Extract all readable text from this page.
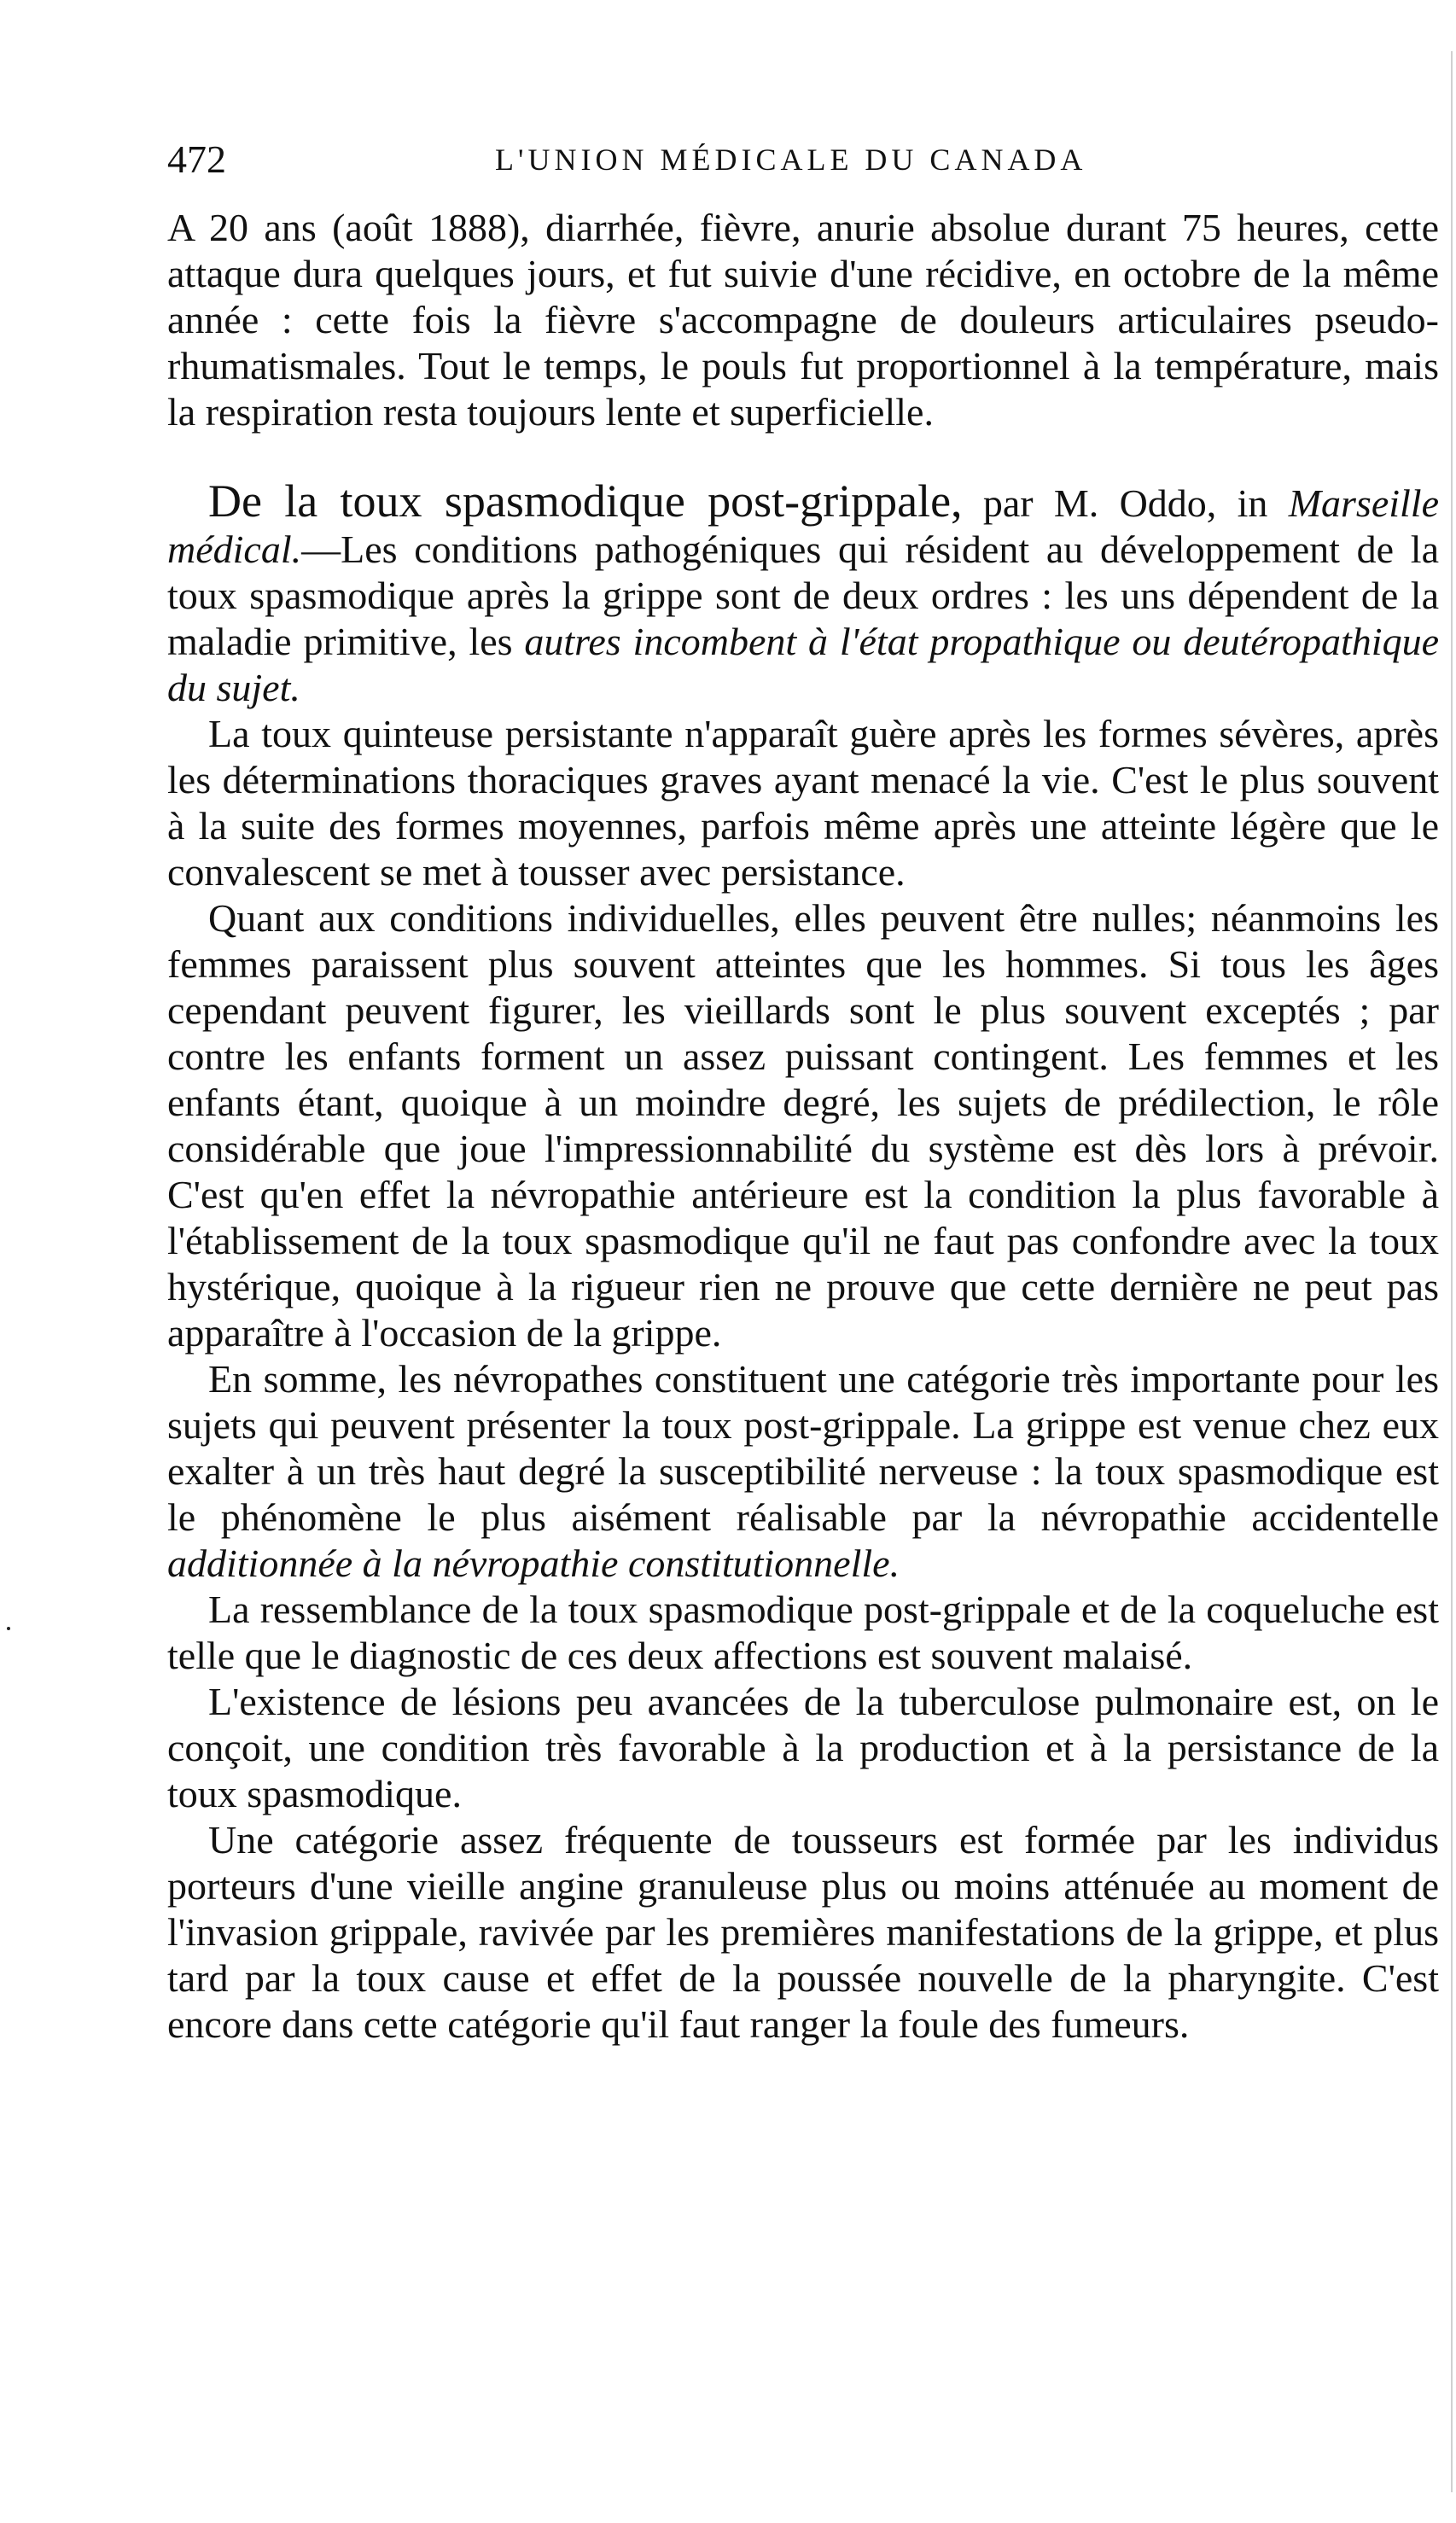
472	L'UNION MÉDICALE DU CANADA

A 20 ans (août 1888), diarrhée, fièvre, anurie absolue durant 75 heures, cette attaque dura quelques jours, et fut suivie d'une récidive, en octobre de la même année : cette fois la fièvre s'accompagne de douleurs articulaires pseudo-rhumatismales. Tout le temps, le pouls fut proportionnel à la température, mais la respiration resta toujours lente et superficielle.

De la toux spasmodique post-grippale, par M. Oddo, in Marseille médical.—Les conditions pathogéniques qui résident au développement de la toux spasmodique après la grippe sont de deux ordres : les uns dépendent de la maladie primitive, les autres incombent à l'état propathique ou deutéropathique du sujet.

La toux quinteuse persistante n'apparaît guère après les formes sévères, après les déterminations thoraciques graves ayant menacé la vie. C'est le plus souvent à la suite des formes moyennes, parfois même après une atteinte légère que le convalescent se met à tousser avec persistance.

Quant aux conditions individuelles, elles peuvent être nulles; néanmoins les femmes paraissent plus souvent atteintes que les hommes. Si tous les âges cependant peuvent figurer, les vieillards sont le plus souvent exceptés ; par contre les enfants forment un assez puissant contingent. Les femmes et les enfants étant, quoique à un moindre degré, les sujets de prédilection, le rôle considérable que joue l'impressionnabilité du système est dès lors à prévoir. C'est qu'en effet la névropathie antérieure est la condition la plus favorable à l'établissement de la toux spasmodique qu'il ne faut pas confondre avec la toux hystérique, quoique à la rigueur rien ne prouve que cette dernière ne peut pas apparaître à l'occasion de la grippe.

En somme, les névropathes constituent une catégorie très importante pour les sujets qui peuvent présenter la toux post-grippale. La grippe est venue chez eux exalter à un très haut degré la susceptibilité nerveuse : la toux spasmodique est le phénomène le plus aisément réalisable par la névropathie accidentelle additionnée à la névropathie constitutionnelle.

La ressemblance de la toux spasmodique post-grippale et de la coqueluche est telle que le diagnostic de ces deux affections est souvent malaisé.

L'existence de lésions peu avancées de la tuberculose pulmonaire est, on le conçoit, une condition très favorable à la production et à la persistance de la toux spasmodique.

Une catégorie assez fréquente de tousseurs est formée par les individus porteurs d'une vieille angine granuleuse plus ou moins atténuée au moment de l'invasion grippale, ravivée par les premières manifestations de la grippe, et plus tard par la toux cause et effet de la poussée nouvelle de la pharyngite. C'est encore dans cette catégorie qu'il faut ranger la foule des fumeurs.
